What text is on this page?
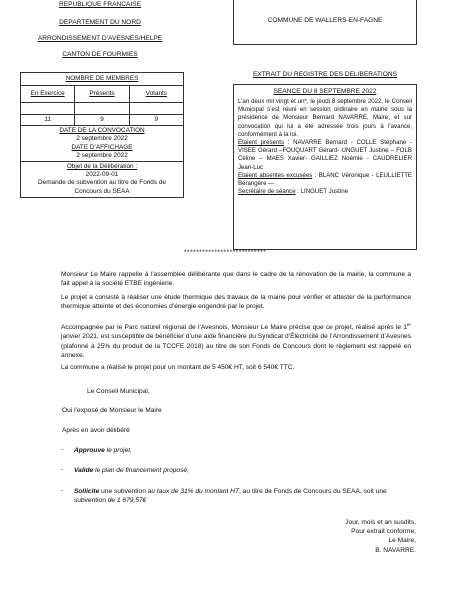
REPUBLIQUE FRANCAISE
DEPARTEMENT DU NORD
ARRONDISSEMENT D’AVESNES/HELPE
CANTON DE FOURMIES
COMMUNE DE WALLERS-EN-FAGNE
NOMBRE DE MEMBRES
En Exercice	Présents	Votants
11	9	9
DATE DE LA CONVOCATION
2 septembre 2022
DATE D’AFFICHAGE
2 septembre 2022
Objet de la Délibération :
2022-09-01
Demande de subvention au titre de Fonds de
Concours du SEAA
EXTRAIT DU REGISTRE DES DELIBERATIONS
SEANCE DU 8 SEPTEMBRE 2022
L’an deux mil vingt et un*, le jeudi 8 septembre 2022, le Conseil Municipal s’est réuni en session ordinaire en mairie sous la présidence de Monsieur Bernard NAVARRE, Maire, et sur convocation qui lui a été adressée trois jours à l’avance, conformément à la loi.
Etaient présents : NAVARRE Bernard - COLLE Stéphane - VISEE Gérard –FOUQUART Gérard- UNGUET Justine – FOLB Céline – MAES Xavier- GAILLIEZ Noémie - CAUDRELIER Jean-Luc
Etaient absentes excusées : BLANC Véronique - LEULLIETTE Bérangère —
Secrétaire de séance : LINGUET Justine
***************************
Monsieur Le Maire rappelle à l’assemblée délibérante que dans le cadre de la rénovation de la mairie, la commune a fait appel à la société ETBE ingénierie.
Le projet a consisté à réaliser une étude thermique des travaux de la mairie pour vérifier et attester de la performance thermique atteinte et des économies d’énergie engendré par le projet.
Accompagnée par le Parc naturel régional de l’Avesnois, Monsieur Le Maire précise que ce projet, réalisé après le 1er janvier 2021, est susceptible de bénéficier d’une aide financière du Syndicat d’Électricité de l’Arrondissement d’Avesnes (plafonné à 25% du produit de la TCCFE 2018) au titre de son Fonds de Concours dont le règlement est rappelé en annexe.
La commune a réalisé le projet pour un montant de 5 450€ HT, soit 6 540€ TTC.
Le Conseil Municipal,
Oui l’exposé de Monsieur le Maire
Après en avoir délibéré
- Approuve le projet,
- Valide le plan de financement proposé,
- Sollicite une subvention au taux de 31% du montant HT, au titre de Fonds de Concours du SEAA, soit une subvention de 1 679,57€
Jour, mois et an susdits,
Pour extrait conforme,
Le Maire,
B. NAVARRE.
